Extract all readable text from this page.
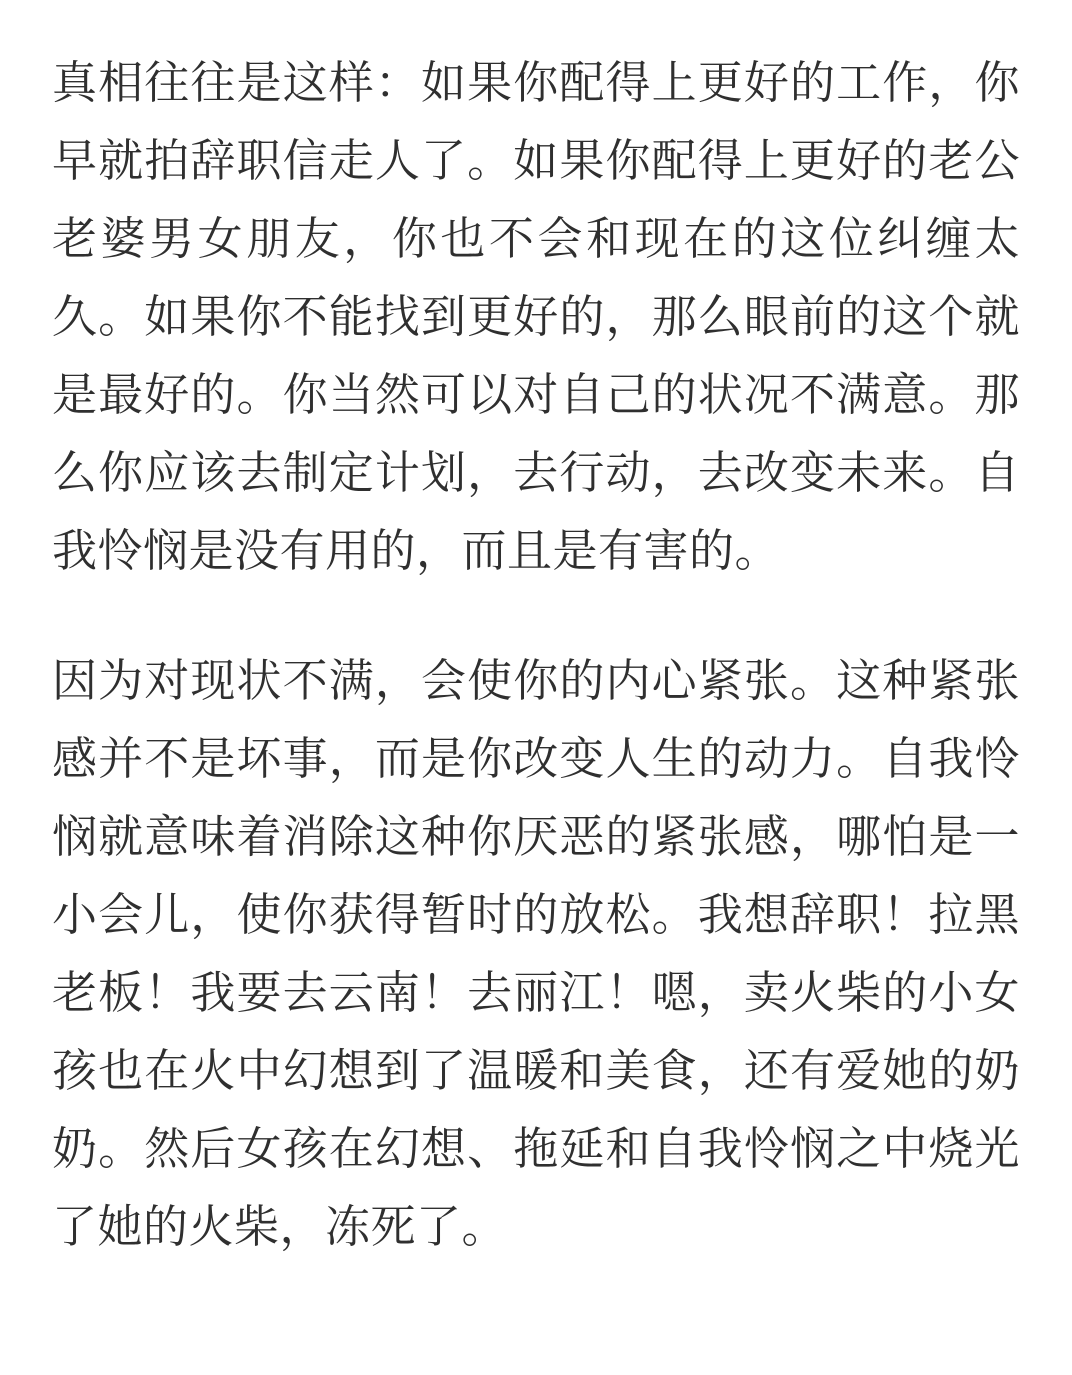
真相往往是这样：如果你配得上更好的工作，你早就拍辞职信走人了。如果你配得上更好的老公老婆男女朋友，你也不会和现在的这位纠缠太久。如果你不能找到更好的，那么眼前的这个就是最好的。你当然可以对自己的状况不满意。那么你应该去制定计划，去行动，去改变未来。自我怜悯是没有用的，而且是有害的。

因为对现状不满，会使你的内心紧张。这种紧张感并不是坏事，而是你改变人生的动力。自我怜悯就意味着消除这种你厌恶的紧张感，哪怕是一小会儿，使你获得暂时的放松。我想辞职！拉黑老板！我要去云南！去丽江！嗯，卖火柴的小女孩也在火中幻想到了温暖和美食，还有爱她的奶奶。然后女孩在幻想、拖延和自我怜悯之中烧光了她的火柴，冻死了。
